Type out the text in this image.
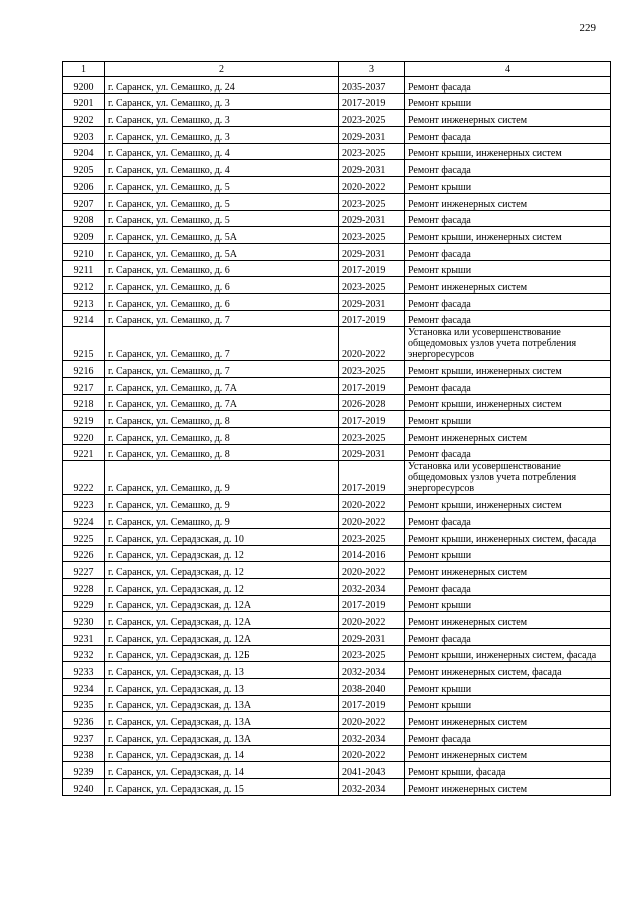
229
1	2	3	4
9200	г. Саранск, ул. Семашко, д. 24	2035-2037	Ремонт фасада
9201	г. Саранск, ул. Семашко, д. 3	2017-2019	Ремонт крыши
9202	г. Саранск, ул. Семашко, д. 3	2023-2025	Ремонт инженерных систем
9203	г. Саранск, ул. Семашко, д. 3	2029-2031	Ремонт фасада
9204	г. Саранск, ул. Семашко, д. 4	2023-2025	Ремонт крыши, инженерных систем
9205	г. Саранск, ул. Семашко, д. 4	2029-2031	Ремонт фасада
9206	г. Саранск, ул. Семашко, д. 5	2020-2022	Ремонт крыши
9207	г. Саранск, ул. Семашко, д. 5	2023-2025	Ремонт инженерных систем
9208	г. Саранск, ул. Семашко, д. 5	2029-2031	Ремонт фасада
9209	г. Саранск, ул. Семашко, д. 5А	2023-2025	Ремонт крыши, инженерных систем
9210	г. Саранск, ул. Семашко, д. 5А	2029-2031	Ремонт фасада
9211	г. Саранск, ул. Семашко, д. 6	2017-2019	Ремонт крыши
9212	г. Саранск, ул. Семашко, д. 6	2023-2025	Ремонт инженерных систем
9213	г. Саранск, ул. Семашко, д. 6	2029-2031	Ремонт фасада
9214	г. Саранск, ул. Семашко, д. 7	2017-2019	Ремонт фасада
9215	г. Саранск, ул. Семашко, д. 7	2020-2022	Установка или усовершенствование общедомовых узлов учета потребления энергоресурсов
9216	г. Саранск, ул. Семашко, д. 7	2023-2025	Ремонт крыши, инженерных систем
9217	г. Саранск, ул. Семашко, д. 7А	2017-2019	Ремонт фасада
9218	г. Саранск, ул. Семашко, д. 7А	2026-2028	Ремонт крыши, инженерных систем
9219	г. Саранск, ул. Семашко, д. 8	2017-2019	Ремонт крыши
9220	г. Саранск, ул. Семашко, д. 8	2023-2025	Ремонт инженерных систем
9221	г. Саранск, ул. Семашко, д. 8	2029-2031	Ремонт фасада
9222	г. Саранск, ул. Семашко, д. 9	2017-2019	Установка или усовершенствование общедомовых узлов учета потребления энергоресурсов
9223	г. Саранск, ул. Семашко, д. 9	2020-2022	Ремонт крыши, инженерных систем
9224	г. Саранск, ул. Семашко, д. 9	2020-2022	Ремонт фасада
9225	г. Саранск, ул. Серадзская, д. 10	2023-2025	Ремонт крыши, инженерных систем, фасада
9226	г. Саранск, ул. Серадзская, д. 12	2014-2016	Ремонт крыши
9227	г. Саранск, ул. Серадзская, д. 12	2020-2022	Ремонт инженерных систем
9228	г. Саранск, ул. Серадзская, д. 12	2032-2034	Ремонт фасада
9229	г. Саранск, ул. Серадзская, д. 12А	2017-2019	Ремонт крыши
9230	г. Саранск, ул. Серадзская, д. 12А	2020-2022	Ремонт инженерных систем
9231	г. Саранск, ул. Серадзская, д. 12А	2029-2031	Ремонт фасада
9232	г. Саранск, ул. Серадзская, д. 12Б	2023-2025	Ремонт крыши, инженерных систем, фасада
9233	г. Саранск, ул. Серадзская, д. 13	2032-2034	Ремонт инженерных систем, фасада
9234	г. Саранск, ул. Серадзская, д. 13	2038-2040	Ремонт крыши
9235	г. Саранск, ул. Серадзская, д. 13А	2017-2019	Ремонт крыши
9236	г. Саранск, ул. Серадзская, д. 13А	2020-2022	Ремонт инженерных систем
9237	г. Саранск, ул. Серадзская, д. 13А	2032-2034	Ремонт фасада
9238	г. Саранск, ул. Серадзская, д. 14	2020-2022	Ремонт инженерных систем
9239	г. Саранск, ул. Серадзская, д. 14	2041-2043	Ремонт крыши, фасада
9240	г. Саранск, ул. Серадзская, д. 15	2032-2034	Ремонт инженерных систем
